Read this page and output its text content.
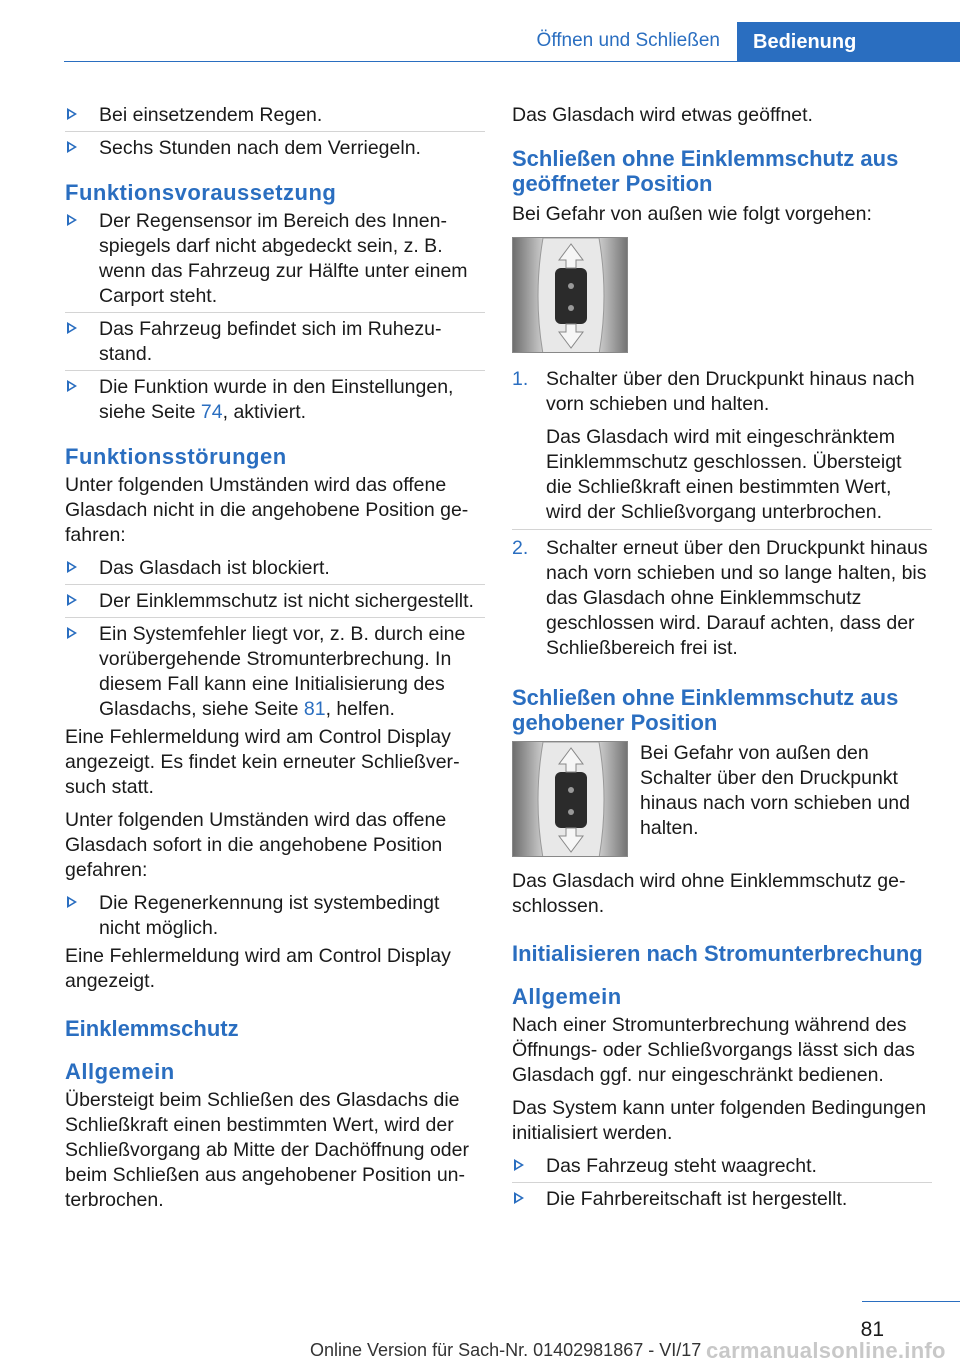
Öffnen und Schließen	Bedienung
Bei einsetzendem Regen.
Sechs Stunden nach dem Verriegeln.
Funktionsvoraussetzung
Der Regensensor im Bereich des Innenspiegels darf nicht abgedeckt sein, z. B. wenn das Fahrzeug zur Hälfte unter einem Carport steht.
Das Fahrzeug befindet sich im Ruhezustand.
Die Funktion wurde in den Einstellungen, siehe Seite 74, aktiviert.
Funktionsstörungen

Unter folgenden Umständen wird das offene Glasdach nicht in die angehobene Position gefahren:

Das Glasdach ist blockiert.
Der Einklemmschutz ist nicht sichergestellt.
Ein Systemfehler liegt vor, z. B. durch eine vorübergehende Stromunterbrechung. In diesem Fall kann eine Initialisierung des Glasdachs, siehe Seite 81, helfen.

Eine Fehlermeldung wird am Control Display angezeigt. Es findet kein erneuter Schließversuch statt.

Unter folgenden Umständen wird das offene Glasdach sofort in die angehobene Position gefahren:

Die Regenerkennung ist systembedingt nicht möglich.

Eine Fehlermeldung wird am Control Display angezeigt.

Einklemmschutz
Allgemein

Übersteigt beim Schließen des Glasdachs die Schließkraft einen bestimmten Wert, wird der Schließvorgang ab Mitte der Dachöffnung oder beim Schließen aus angehobener Position unterbrochen.

Das Glasdach wird etwas geöffnet.

Schließen ohne Einklemmschutz aus geöffneter Position

Bei Gefahr von außen wie folgt vorgehen:

1. Schalter über den Druckpunkt hinaus nach vorn schieben und halten.
Das Glasdach wird mit eingeschränktem Einklemmschutz geschlossen. Übersteigt die Schließkraft einen bestimmten Wert, wird der Schließvorgang unterbrochen.
2. Schalter erneut über den Druckpunkt hinaus nach vorn schieben und so lange halten, bis das Glasdach ohne Einklemmschutz geschlossen wird. Darauf achten, dass der Schließbereich frei ist.
Schließen ohne Einklemmschutz aus gehobener Position

Bei Gefahr von außen den Schalter über den Druckpunkt hinaus nach vorn schieben und halten.

Das Glasdach wird ohne Einklemmschutz geschlossen.

Initialisieren nach Stromunterbrechung
Allgemein

Nach einer Stromunterbrechung während des Öffnungs- oder Schließvorgangs lässt sich das Glasdach ggf. nur eingeschränkt bedienen.

Das System kann unter folgenden Bedingungen initialisiert werden.

Das Fahrzeug steht waagrecht.
Die Fahrbereitschaft ist hergestellt.
81
Online Version für Sach-Nr. 01402981867 - VI/17 carmanualsonline.info
